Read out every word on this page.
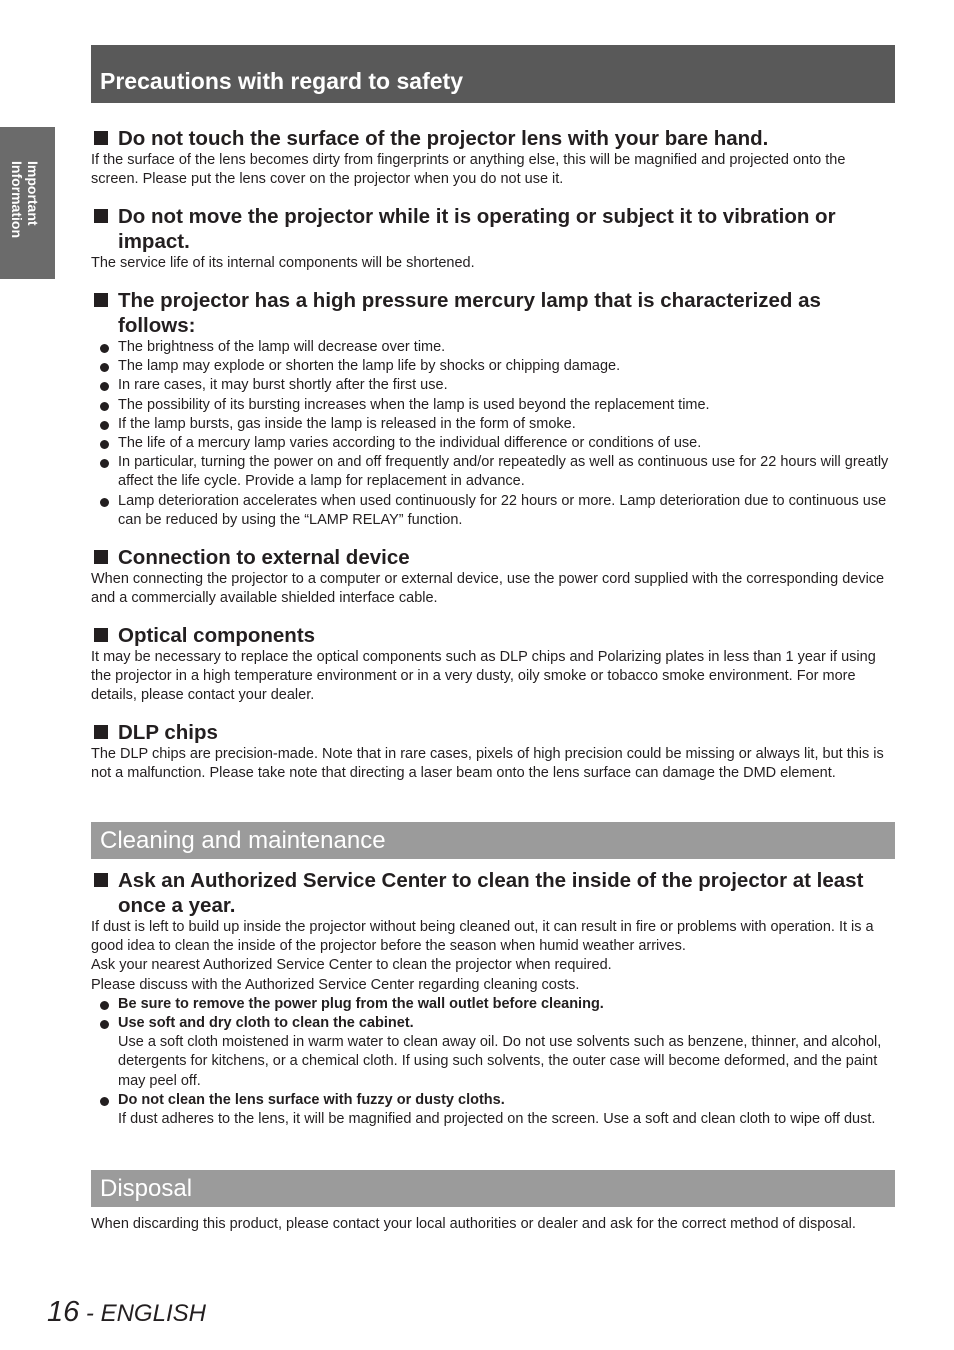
Important
Information
Precautions with regard to safety
Do not touch the surface of the projector lens with your bare hand.

If the surface of the lens becomes dirty from fingerprints or anything else, this will be magnified and projected onto the screen. Please put the lens cover on the projector when you do not use it.

Do not move the projector while it is operating or subject it to vibration or impact.

The service life of its internal components will be shortened.

The projector has a high pressure mercury lamp that is characterized as follows:
The brightness of the lamp will decrease over time.
The lamp may explode or shorten the lamp life by shocks or chipping damage.
In rare cases, it may burst shortly after the first use.
The possibility of its bursting increases when the lamp is used beyond the replacement time.
If the lamp bursts, gas inside the lamp is released in the form of smoke.
The life of a mercury lamp varies according to the individual difference or conditions of use.
In particular, turning the power on and off frequently and/or repeatedly as well as continuous use for 22 hours will greatly affect the life cycle. Provide a lamp for replacement in advance.
Lamp deterioration accelerates when used continuously for 22 hours or more. Lamp deterioration due to continuous use can be reduced by using the “LAMP RELAY” function.
Connection to external device

When connecting the projector to a computer or external device, use the power cord supplied with the corresponding device and a commercially available shielded interface cable.

Optical components

It may be necessary to replace the optical components such as DLP chips and Polarizing plates in less than 1 year if using the projector in a high temperature environment or in a very dusty, oily smoke or tobacco smoke environment. For more details, please contact your dealer.

DLP chips

The DLP chips are precision-made. Note that in rare cases, pixels of high precision could be missing or always lit, but this is not a malfunction. Please take note that directing a laser beam onto the lens surface can damage the DMD element.

Cleaning and maintenance
Ask an Authorized Service Center to clean the inside of the projector at least once a year.

If dust is left to build up inside the projector without being cleaned out, it can result in fire or problems with operation. It is a good idea to clean the inside of the projector before the season when humid weather arrives.

Ask your nearest Authorized Service Center to clean the projector when required.

Please discuss with the Authorized Service Center regarding cleaning costs.

Be sure to remove the power plug from the wall outlet before cleaning.
Use soft and dry cloth to clean the cabinet.
Use a soft cloth moistened in warm water to clean away oil. Do not use solvents such as benzene, thinner, and alcohol, detergents for kitchens, or a chemical cloth. If using such solvents, the outer case will become deformed, and the paint may peel off.
Do not clean the lens surface with fuzzy or dusty cloths.
If dust adheres to the lens, it will be magnified and projected on the screen. Use a soft and clean cloth to wipe off dust.
Disposal

When discarding this product, please contact your local authorities or dealer and ask for the correct method of disposal.

16 - ENGLISH
